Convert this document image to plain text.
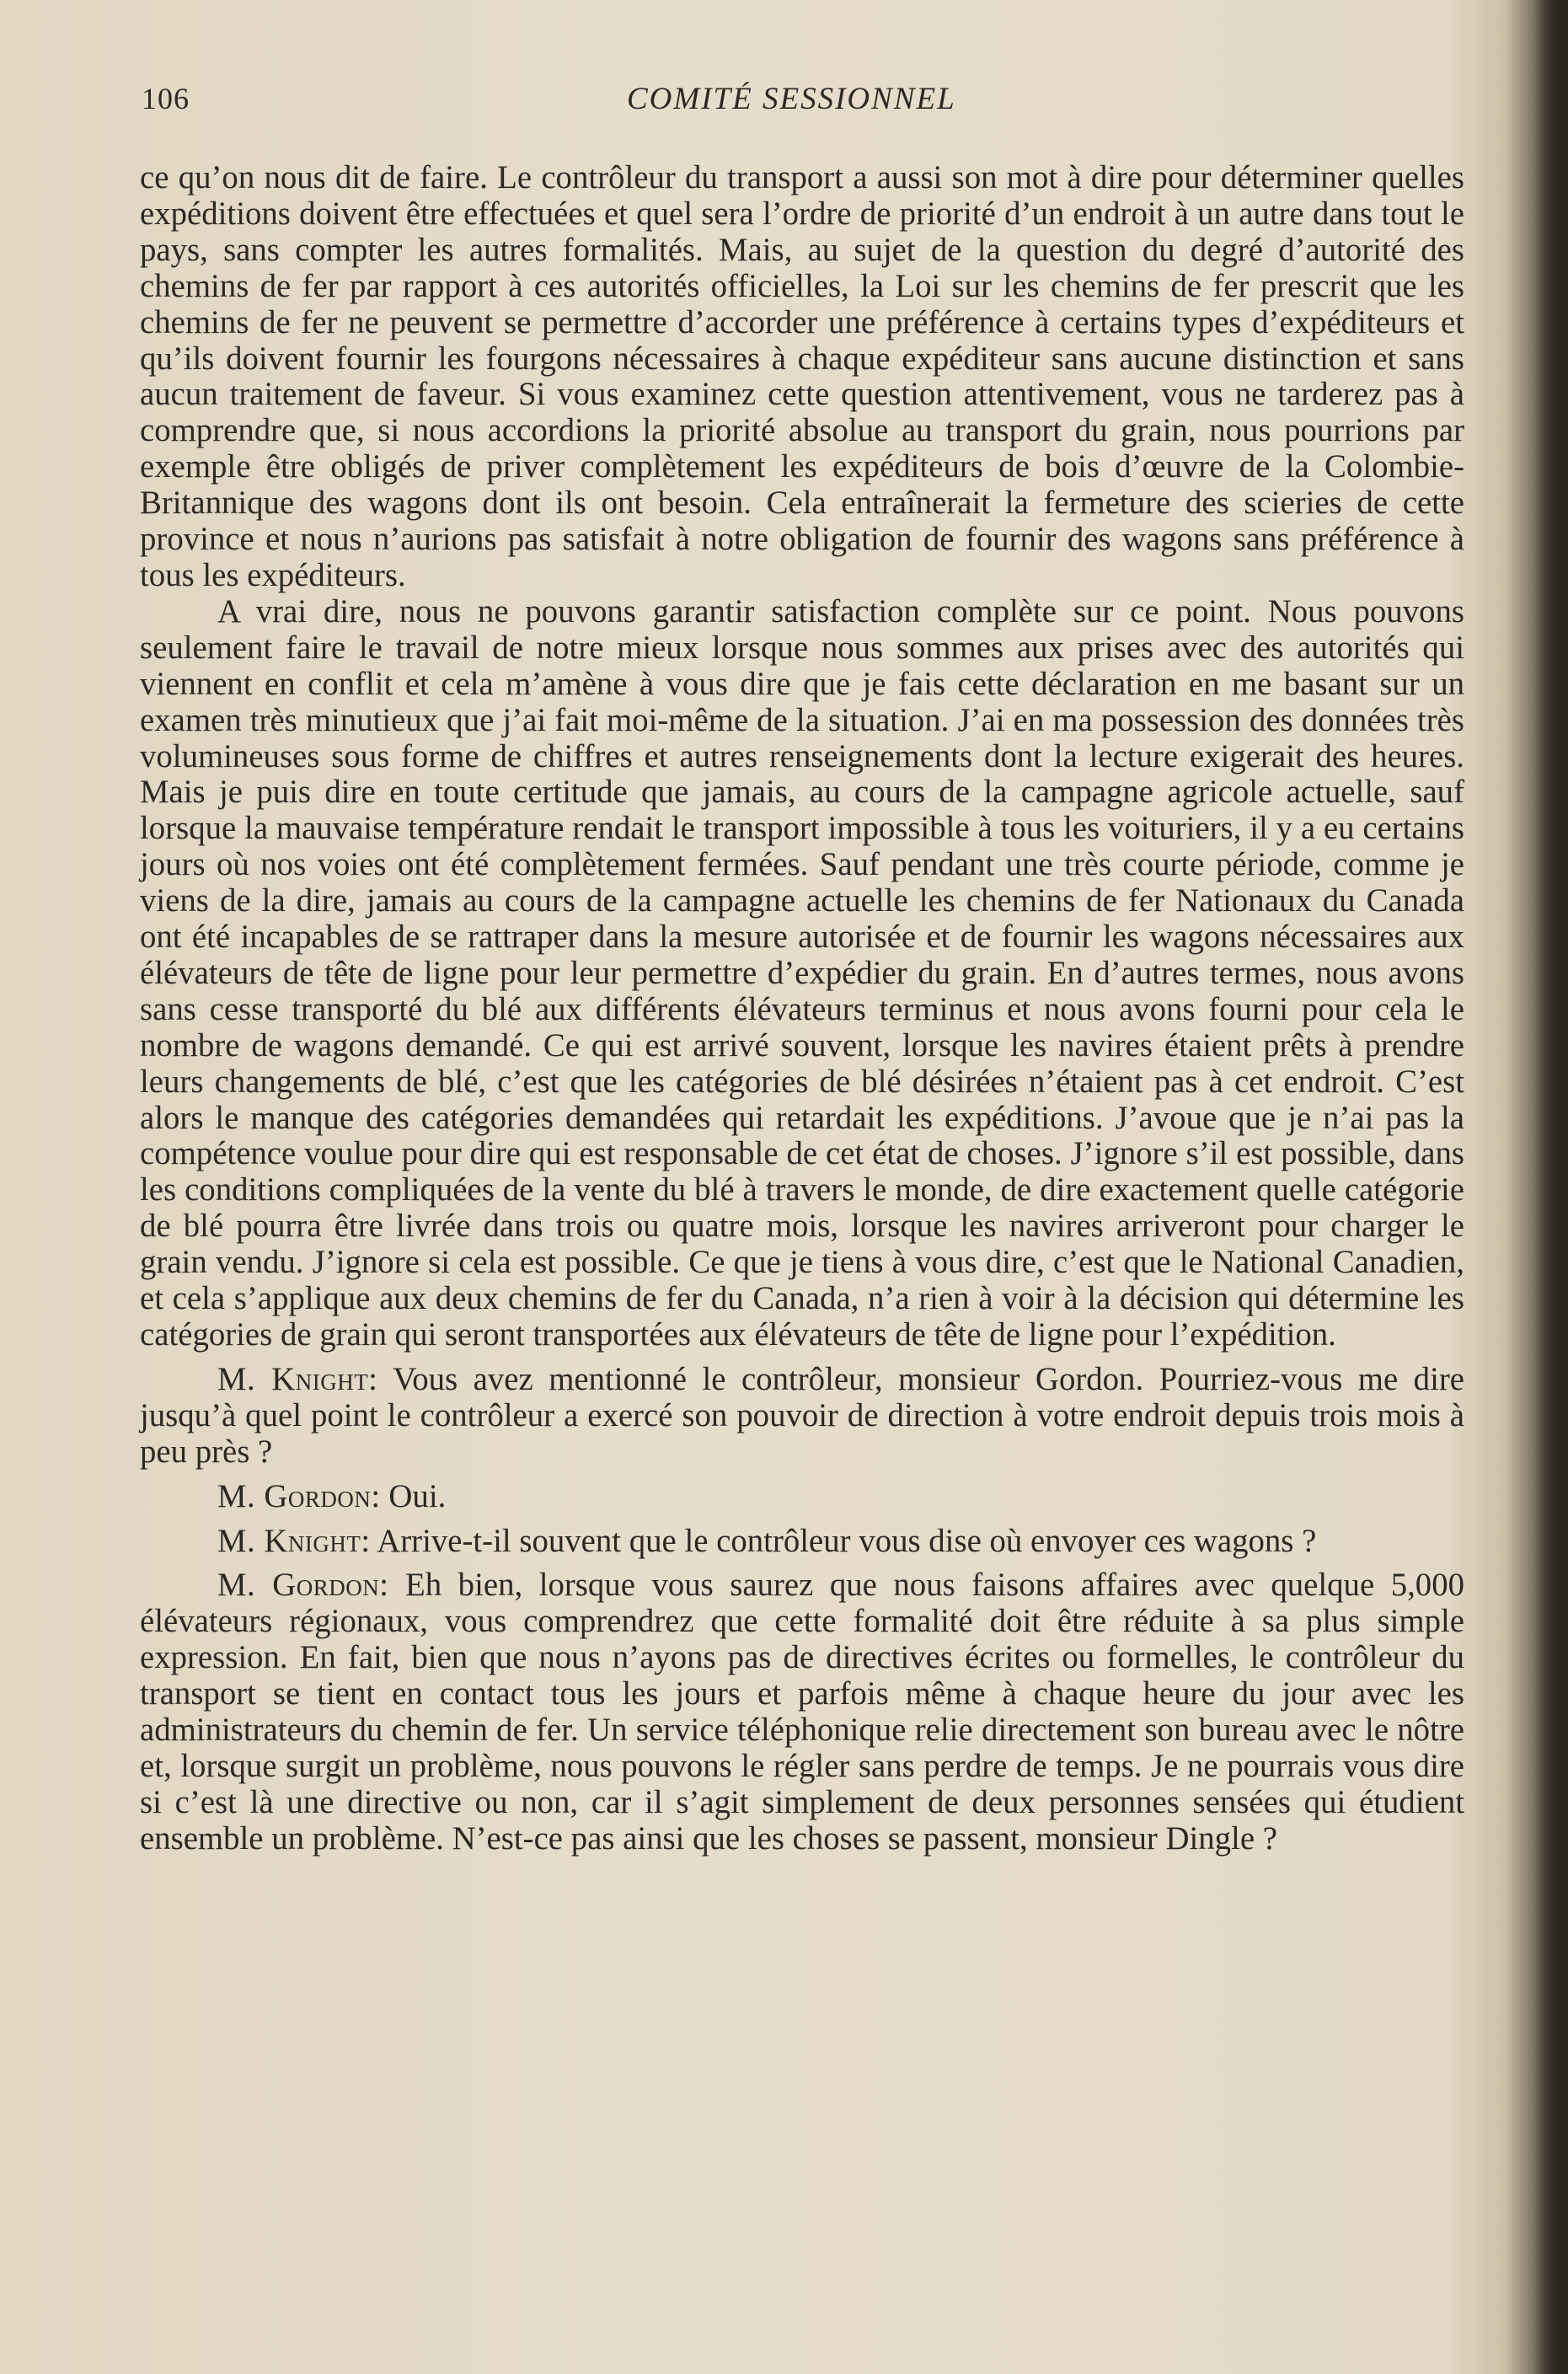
106	COMITÉ SESSIONNEL

ce qu’on nous dit de faire. Le contrôleur du transport a aussi son mot à dire pour déterminer quelles expéditions doivent être effectuées et quel sera l’ordre de priorité d’un endroit à un autre dans tout le pays, sans compter les autres formalités. Mais, au sujet de la question du degré d’autorité des chemins de fer par rapport à ces autorités officielles, la Loi sur les chemins de fer prescrit que les chemins de fer ne peuvent se permettre d’accorder une préférence à certains types d’expéditeurs et qu’ils doivent fournir les fourgons nécessaires à chaque expéditeur sans aucune distinction et sans aucun traitement de faveur. Si vous examinez cette question attentivement, vous ne tarderez pas à comprendre que, si nous accordions la priorité absolue au transport du grain, nous pourrions par exemple être obligés de priver complètement les expéditeurs de bois d’œuvre de la Colombie-Britannique des wagons dont ils ont besoin. Cela entraînerait la fermeture des scieries de cette province et nous n’aurions pas satisfait à notre obligation de fournir des wagons sans préférence à tous les expéditeurs.

A vrai dire, nous ne pouvons garantir satisfaction complète sur ce point. Nous pouvons seulement faire le travail de notre mieux lorsque nous sommes aux prises avec des autorités qui viennent en conflit et cela m’amène à vous dire que je fais cette déclaration en me basant sur un examen très minutieux que j’ai fait moi-même de la situation. J’ai en ma possession des données très volumineuses sous forme de chiffres et autres renseignements dont la lecture exigerait des heures. Mais je puis dire en toute certitude que jamais, au cours de la campagne agricole actuelle, sauf lorsque la mauvaise température rendait le transport impossible à tous les voituriers, il y a eu certains jours où nos voies ont été complètement fermées. Sauf pendant une très courte période, comme je viens de la dire, jamais au cours de la campagne actuelle les chemins de fer Nationaux du Canada ont été incapables de se rattraper dans la mesure autorisée et de fournir les wagons nécessaires aux élévateurs de tête de ligne pour leur permettre d’expédier du grain. En d’autres termes, nous avons sans cesse transporté du blé aux différents élévateurs terminus et nous avons fourni pour cela le nombre de wagons demandé. Ce qui est arrivé souvent, lorsque les navires étaient prêts à prendre leurs changements de blé, c’est que les catégories de blé désirées n’étaient pas à cet endroit. C’est alors le manque des catégories demandées qui retardait les expéditions. J’avoue que je n’ai pas la compétence voulue pour dire qui est responsable de cet état de choses. J’ignore s’il est possible, dans les conditions compliquées de la vente du blé à travers le monde, de dire exactement quelle catégorie de blé pourra être livrée dans trois ou quatre mois, lorsque les navires arriveront pour charger le grain vendu. J’ignore si cela est possible. Ce que je tiens à vous dire, c’est que le National Canadien, et cela s’applique aux deux chemins de fer du Canada, n’a rien à voir à la décision qui détermine les catégories de grain qui seront transportées aux élévateurs de tête de ligne pour l’expédition.

M. Knight: Vous avez mentionné le contrôleur, monsieur Gordon. Pourriez-vous me dire jusqu’à quel point le contrôleur a exercé son pouvoir de direction à votre endroit depuis trois mois à peu près ?

M. Gordon: Oui.

M. Knight: Arrive-t-il souvent que le contrôleur vous dise où envoyer ces wagons ?

M. Gordon: Eh bien, lorsque vous saurez que nous faisons affaires avec quelque 5,000 élévateurs régionaux, vous comprendrez que cette formalité doit être réduite à sa plus simple expression. En fait, bien que nous n’ayons pas de directives écrites ou formelles, le contrôleur du transport se tient en contact tous les jours et parfois même à chaque heure du jour avec les administrateurs du chemin de fer. Un service téléphonique relie directement son bureau avec le nôtre et, lorsque surgit un problème, nous pouvons le régler sans perdre de temps. Je ne pourrais vous dire si c’est là une directive ou non, car il s’agit simplement de deux personnes sensées qui étudient ensemble un problème. N’est-ce pas ainsi que les choses se passent, monsieur Dingle ?
